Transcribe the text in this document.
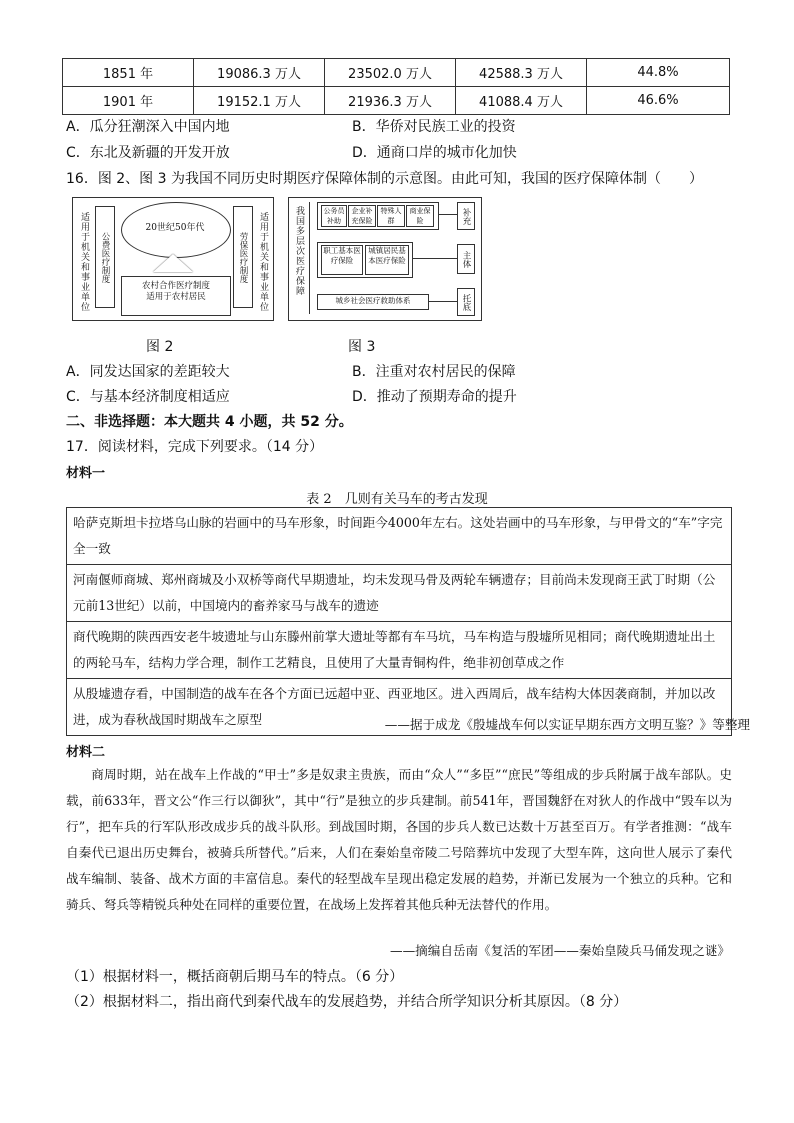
1851 年	19086.3 万人	23502.0 万人	42588.3 万人	44.8%
1901 年	19152.1 万人	21936.3 万人	41088.4 万人	46.6%
A．瓜分狂潮深入中国内地	B．华侨对民族工业的投资
C．东北及新疆的开发开放	D．通商口岸的城市化加快
16．图 2、图 3 为我国不同历史时期医疗保障体制的示意图。由此可知，我国的医疗保障体制（　　）
适用于机关和事业单位	公费医疗制度
20世纪50年代
劳保医疗制度	适用于机关和事业单位
农村合作医疗制度
适用于农村居民
图 2
我国多层次医疗保障	公务员补助
企业补充保险
特殊人群
商业保险
职工基本医疗保险
城镇居民基本医疗保险
城乡社会医疗救助体系
补充
主体
托底
图 3
A．同发达国家的差距较大	B．注重对农村居民的保障
C．与基本经济制度相适应	D．推动了预期寿命的提升
二、非选择题：本大题共 4 小题，共 52 分。
17．阅读材料，完成下列要求。（14 分）
材料一
表 2　几则有关马车的考古发现
哈萨克斯坦卡拉塔乌山脉的岩画中的马车形象，时间距今4000年左右。这处岩画中的马车形象，与甲骨文的“车”字完全一致
河南偃师商城、郑州商城及小双桥等商代早期遗址，均未发现马骨及两轮车辆遗存；目前尚未发现商王武丁时期（公元前13世纪）以前，中国境内的畜养家马与战车的遗迹
商代晚期的陕西西安老牛坡遗址与山东滕州前掌大遗址等都有车马坑，马车构造与殷墟所见相同；商代晚期遗址出土的两轮马车，结构力学合理，制作工艺精良，且使用了大量青铜构件，绝非初创草成之作
从殷墟遗存看，中国制造的战车在各个方面已远超中亚、西亚地区。进入西周后，战车结构大体因袭商制，并加以改进，成为春秋战国时期战车之原型	——据于成龙《殷墟战车何以实证早期东西方文明互鉴？》等整理
材料二
商周时期，站在战车上作战的“甲士”多是奴隶主贵族，而由“众人”“多臣”“庶民”等组成的步兵附属于战车部队。史载，前633年，晋文公“作三行以御狄”，其中“行”是独立的步兵建制。前541年，晋国魏舒在对狄人的作战中“毁车以为行”，把车兵的行军队形改成步兵的战斗队形。到战国时期，各国的步兵人数已达数十万甚至百万。有学者推测：“战车自秦代已退出历史舞台，被骑兵所替代。”后来，人们在秦始皇帝陵二号陪葬坑中发现了大型车阵，这向世人展示了秦代战车编制、装备、战术方面的丰富信息。秦代的轻型战车呈现出稳定发展的趋势，并渐已发展为一个独立的兵种。它和骑兵、弩兵等精锐兵种处在同样的重要位置，在战场上发挥着其他兵种无法替代的作用。
——摘编自岳南《复活的军团——秦始皇陵兵马俑发现之谜》
（1）根据材料一，概括商朝后期马车的特点。（6 分）
（2）根据材料二，指出商代到秦代战车的发展趋势，并结合所学知识分析其原因。（8 分）
